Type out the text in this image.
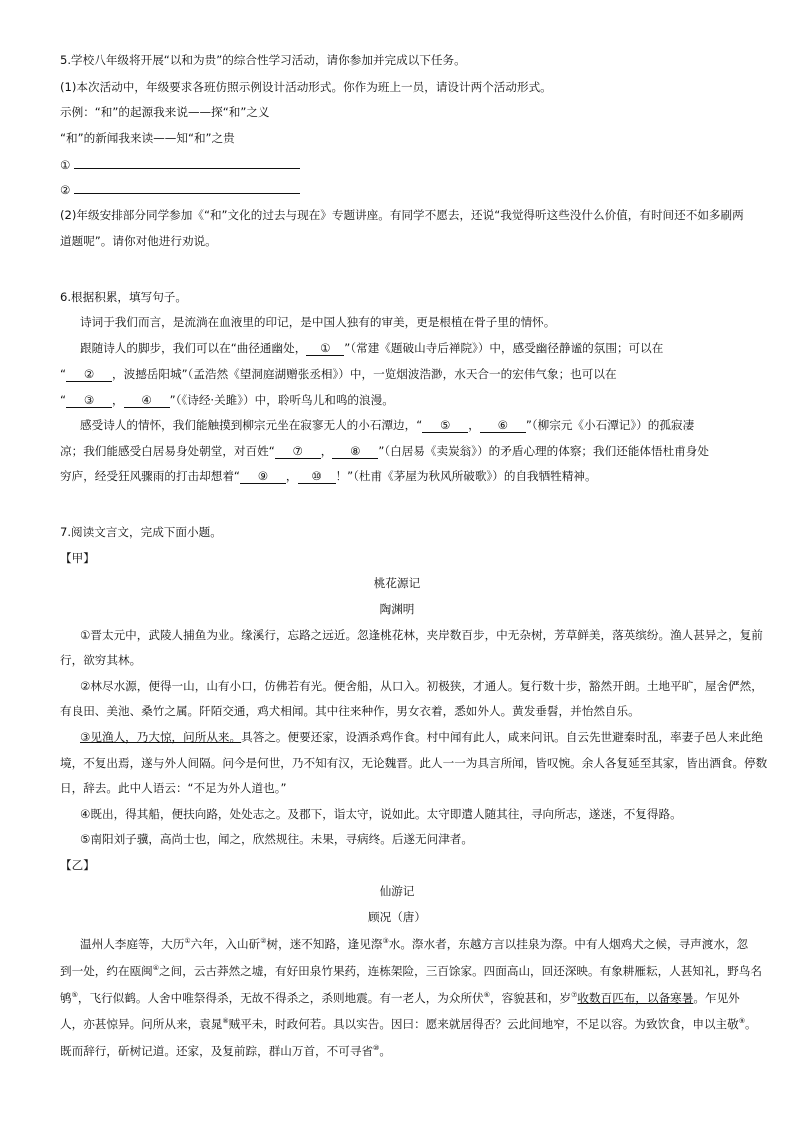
5.学校八年级将开展“以和为贵”的综合性学习活动，请你参加并完成以下任务。
(1)本次活动中，年级要求各班仿照示例设计活动形式。你作为班上一员，请设计两个活动形式。
示例：“和”的起源我来说——探“和”之义
“和”的新闻我来读——知“和”之贵
①
②
(2)年级安排部分同学参加《“和”文化的过去与现在》专题讲座。有同学不愿去，还说“我觉得听这些没什么价值，有时间还不如多刷两
道题呢”。请你对他进行劝说。
6.根据积累，填写句子。
诗词于我们而言，是流淌在血液里的印记，是中国人独有的审美，更是根植在骨子里的情怀。
跟随诗人的脚步，我们可以在“曲径通幽处， ① ”（常建《题破山寺后禅院》）中，感受幽径静谧的氛围；可以在
“ ② ，波撼岳阳城”（孟浩然《望洞庭湖赠张丞相》）中，一览烟波浩渺，水天合一的宏伟气象；也可以在
“ ③ ， ④ ”（《诗经·关雎》）中，聆听鸟儿和鸣的浪漫。
感受诗人的情怀，我们能触摸到柳宗元坐在寂寥无人的小石潭边，“ ⑤ ， ⑥ ”（柳宗元《小石潭记》）的孤寂凄
凉；我们能感受白居易身处朝堂，对百姓“ ⑦ ， ⑧ ”（白居易《卖炭翁》）的矛盾心理的体察；我们还能体悟杜甫身处
穷庐，经受狂风骤雨的打击却想着“ ⑨ ， ⑩ ！”（杜甫《茅屋为秋风所破歌》）的自我牺牲精神。
7.阅读文言文，完成下面小题。
【甲】
桃花源记
陶渊明
①晋太元中，武陵人捕鱼为业。缘溪行，忘路之远近。忽逢桃花林，夹岸数百步，中无杂树，芳草鲜美，落英缤纷。渔人甚异之，复前
行，欲穷其林。
②林尽水源，便得一山，山有小口，仿佛若有光。便舍船，从口入。初极狭，才通人。复行数十步，豁然开朗。土地平旷，屋舍俨然，
有良田、美池、桑竹之属。阡陌交通，鸡犬相闻。其中往来种作，男女衣着，悉如外人。黄发垂髫，并怡然自乐。
③见渔人，乃大惊，问所从来。具答之。便要还家，设酒杀鸡作食。村中闻有此人，咸来问讯。自云先世避秦时乱，率妻子邑人来此绝
境，不复出焉，遂与外人间隔。问今是何世，乃不知有汉，无论魏晋。此人一一为具言所闻，皆叹惋。余人各复延至其家，皆出酒食。停数
日，辞去。此中人语云：“不足为外人道也。”
④既出，得其船，便扶向路，处处志之。及郡下，诣太守，说如此。太守即遣人随其往，寻向所志，遂迷，不复得路。
⑤南阳刘子骥，高尚士也，闻之，欣然规往。未果，寻病终。后遂无问津者。
【乙】
仙游记
顾况（唐）
温州人李庭等，大历①六年，入山斫②树，迷不知路，逢见漈③水。漈水者，东越方言以挂泉为漈。中有人烟鸡犬之候，寻声渡水，忽
到一处，约在瓯闽④之间，云古莽然之墟，有好田泉竹果药，连栋架险，三百馀家。四面高山，回还深映。有象耕雁耘，人甚知礼，野鸟名
鸲⑤，飞行似鹤。人舍中唯祭得杀，无故不得杀之，杀则地震。有一老人，为众所伏⑥，容貌甚和，岁⑦收数百匹布，以备寒暑。乍见外
人，亦甚惊异。问所从来，袁晁⑧贼平未，时政何若。具以实告。因曰：愿来就居得否？云此间地窄，不足以容。为致饮食，申以主敬⑨。
既而辞行，斫树记道。还家，及复前踪，群山万首，不可寻省⑩。
